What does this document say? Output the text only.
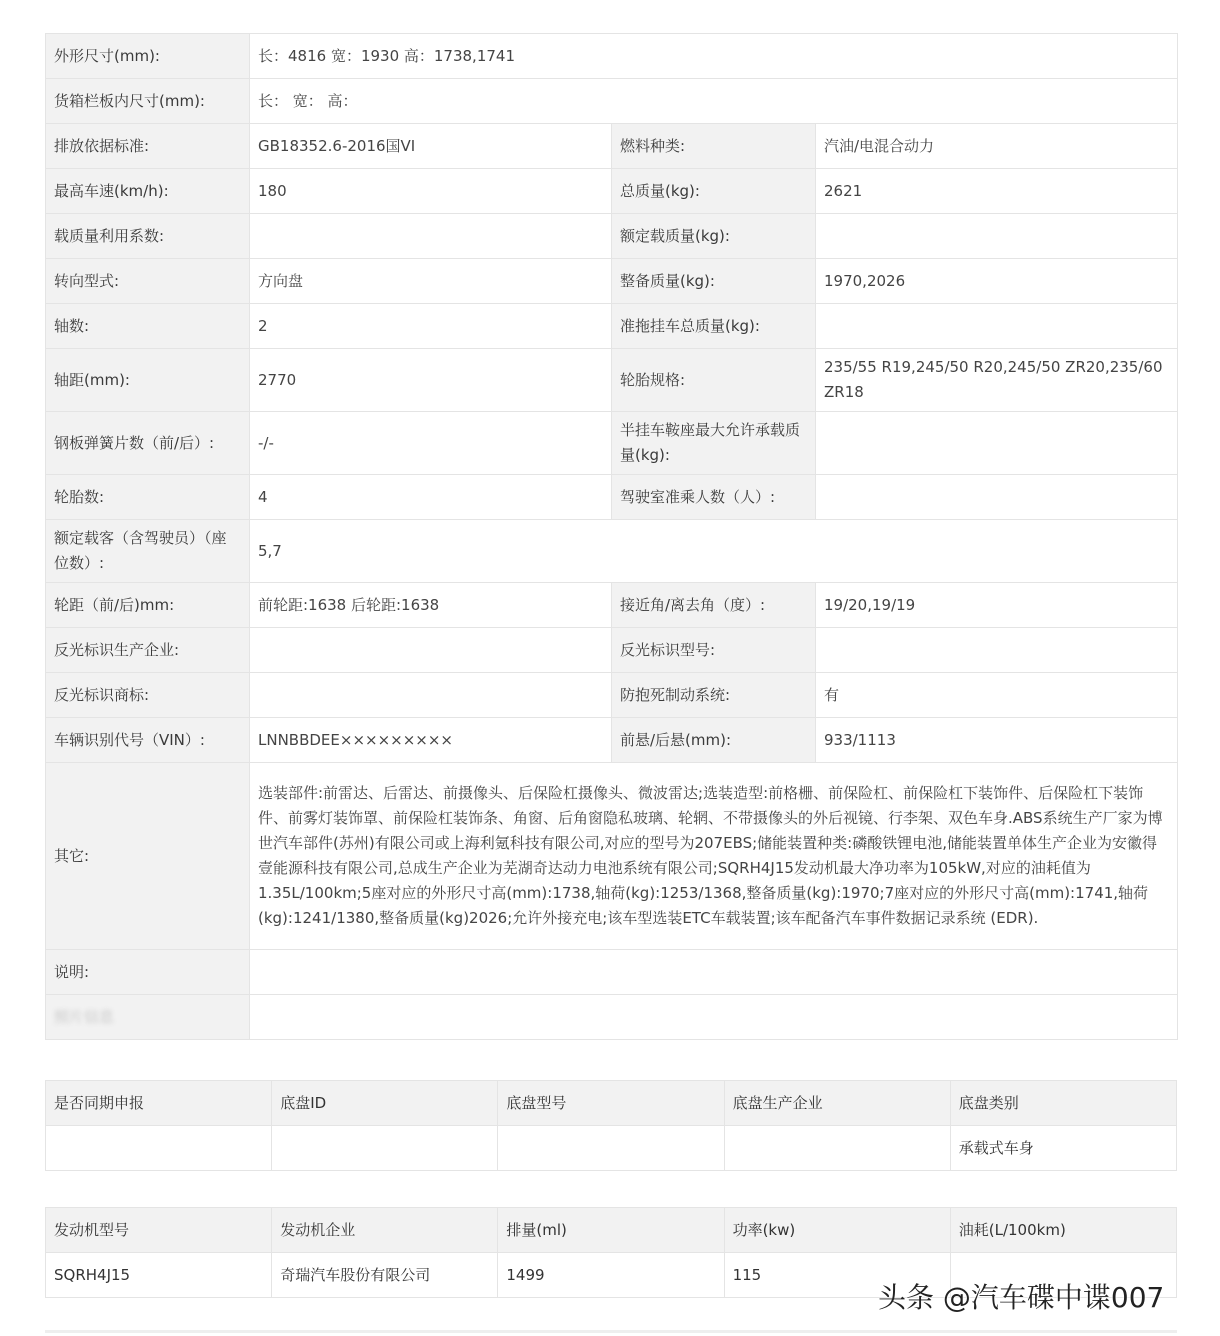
外形尺寸(mm):	长：4816 宽：1930 高：1738,1741		
货箱栏板内尺寸(mm):	长： 宽： 高：		
排放依据标准:	GB18352.6-2016国VI	燃料种类:	汽油/电混合动力
最高车速(km/h):	180	总质量(kg):	2621
载质量利用系数:		额定载质量(kg):	
转向型式:	方向盘	整备质量(kg):	1970,2026
轴数:	2	准拖挂车总质量(kg):	
轴距(mm):	2770	轮胎规格:	235/55 R19,245/50 R20,245/50 ZR20,235/60 ZR18
钢板弹簧片数（前/后）:	-/-	半挂车鞍座最大允许承载质量(kg):	
轮胎数:	4	驾驶室准乘人数（人）:	
额定载客（含驾驶员）（座位数）:	5,7		
轮距（前/后)mm:	前轮距:1638 后轮距:1638	接近角/离去角（度）:	19/20,19/19
反光标识生产企业:		反光标识型号:	
反光标识商标:		防抱死制动系统:	有
车辆识别代号（VIN）:	LNNBBDEE×××××××××	前悬/后悬(mm):	933/1113
其它:	选装部件:前雷达、后雷达、前摄像头、后保险杠摄像头、微波雷达;选装造型:前格栅、前保险杠、前保险杠下装饰件、后保险杠下装饰件、前雾灯装饰罩、前保险杠装饰条、角窗、后角窗隐私玻璃、轮辋、不带摄像头的外后视镜、行李架、双色车身.ABS系统生产厂家为博世汽车部件(苏州)有限公司或上海利氪科技有限公司,对应的型号为207EBS;储能装置种类:磷酸铁锂电池,储能装置单体生产企业为安徽得壹能源科技有限公司,总成生产企业为芜湖奇达动力电池系统有限公司;SQRH4J15发动机最大净功率为105kW,对应的油耗值为1.35L/100km;5座对应的外形尺寸高(mm):1738,轴荷(kg):1253/1368,整备质量(kg):1970;7座对应的外形尺寸高(mm):1741,轴荷(kg):1241/1380,整备质量(kg)2026;允许外接充电;该车型选装ETC车载装置;该车配备汽车事件数据记录系统 (EDR).		
说明:			
照片信息			
是否同期申报	底盘ID	底盘型号	底盘生产企业	底盘类别
				承载式车身
发动机型号	发动机企业	排量(ml)	功率(kw)	油耗(L/100km)
SQRH4J15	奇瑞汽车股份有限公司	1499	115	
头条 @汽车碟中谍007
